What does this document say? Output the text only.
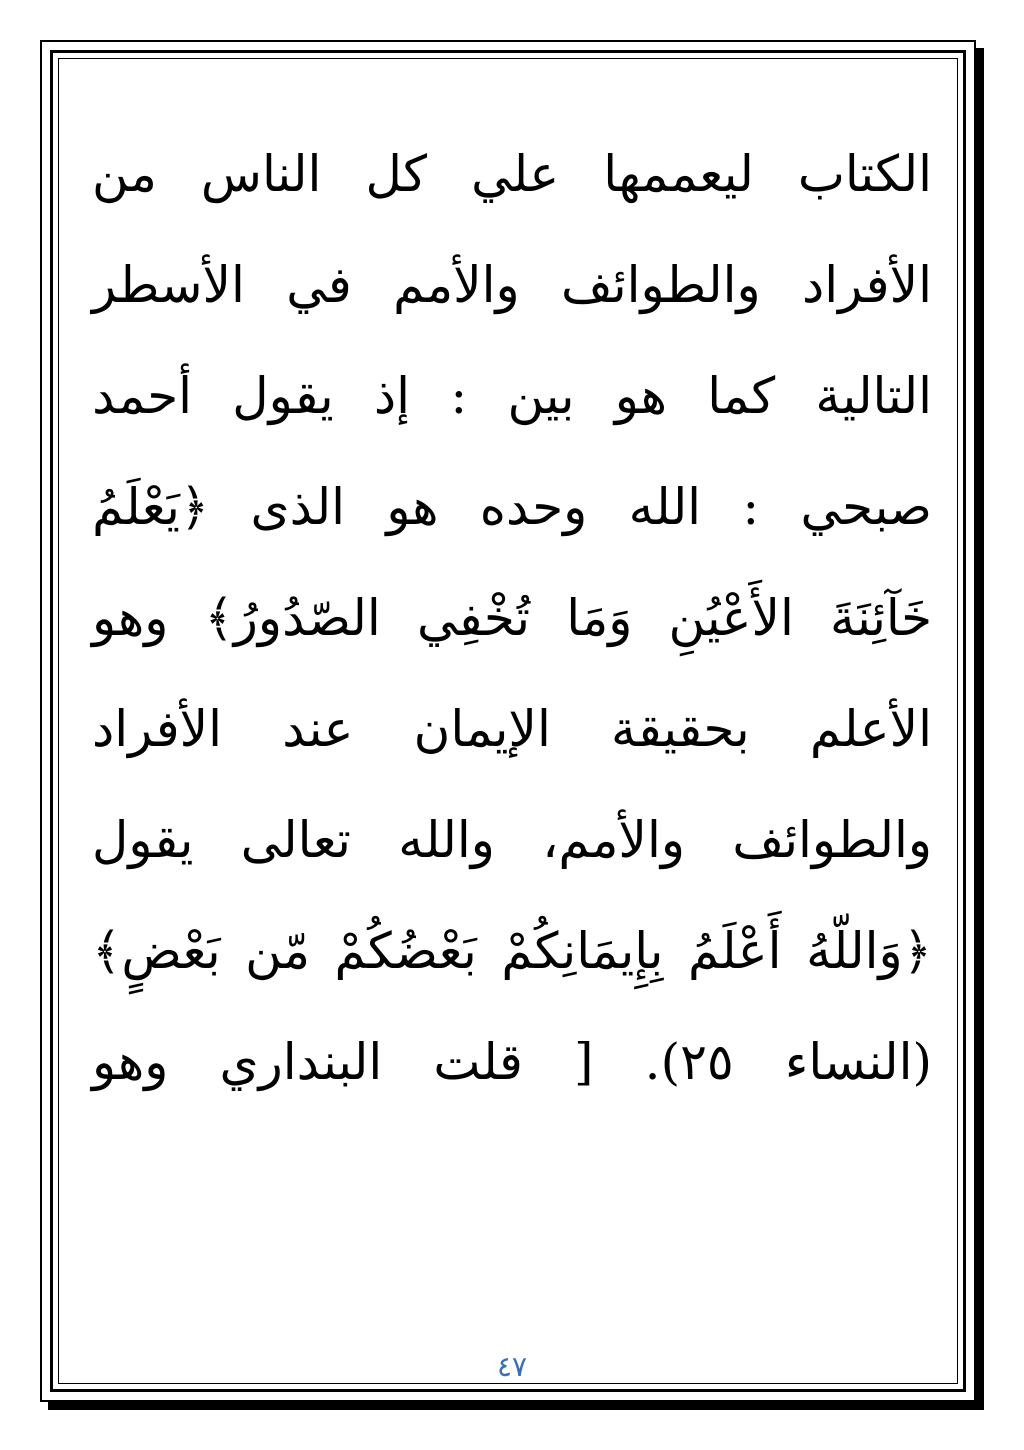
الكتاب
ليعممها
علي
كل
الناس
من
الأفراد
والطوائف
والأمم
في
الأسطر
التالية
كما
هو
بين
:
إذ
يقول
أحمد
صبحي
:
الله
وحده
هو
الذى
﴿يَعْلَمُ
خَآئِنَةَ
الأَعْيُنِ
وَمَا
تُخْفِي
الصّدُورُ﴾
وهو
الأعلم
بحقيقة
الإيمان
عند
الأفراد
والطوائف
والأمم،
والله
تعالى
يقول
﴿وَاللّهُ
أَعْلَمُ
بِإِيمَانِكُمْ
بَعْضُكُمْ
مّن
بَعْضٍ﴾
(النساء
٢٥).
[
قلت
البنداري
وهو
٤٧
